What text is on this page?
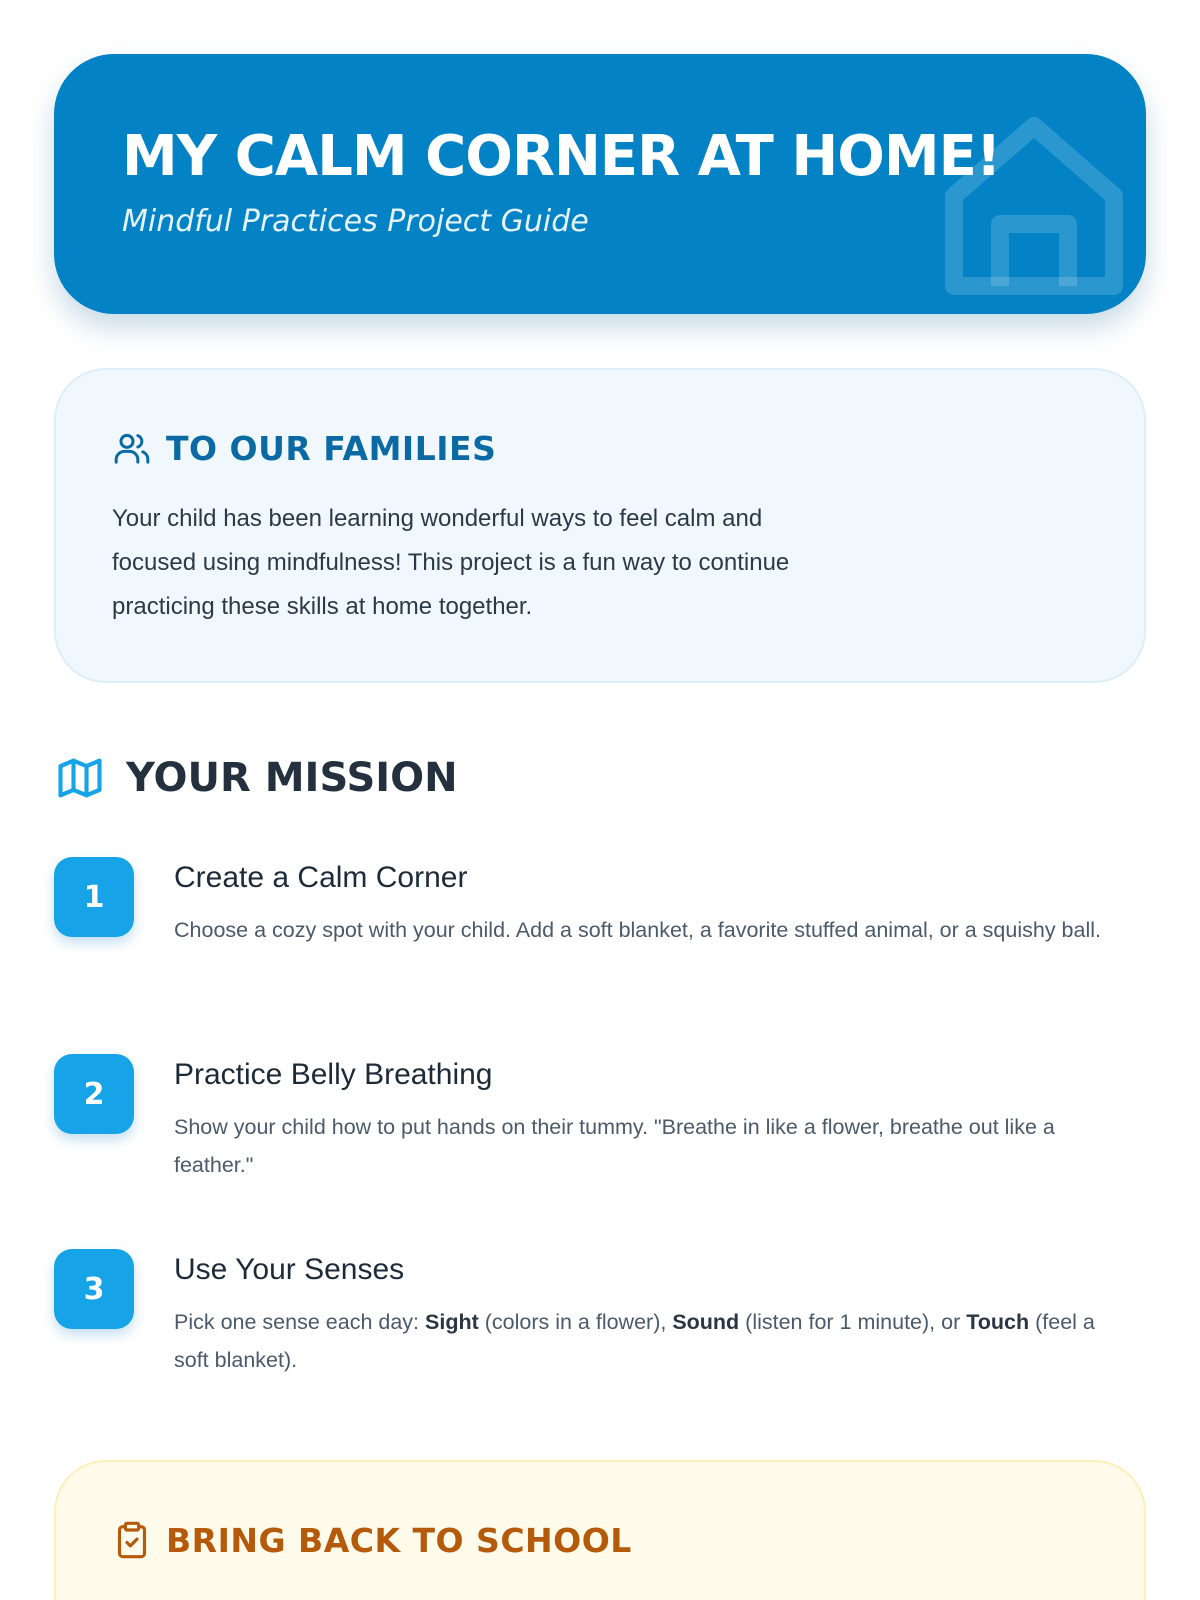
MY CALM CORNER AT HOME!
Mindful Practices Project Guide
TO OUR FAMILIES

Your child has been learning wonderful ways to feel calm and focused using mindfulness! This project is a fun way to continue practicing these skills at home together.

YOUR MISSION
1
Create a Calm Corner

Choose a cozy spot with your child. Add a soft blanket, a favorite stuffed animal, or a squishy ball.

2
Practice Belly Breathing

Show your child how to put hands on their tummy. "Breathe in like a flower, breathe out like a feather."

3
Use Your Senses

Pick one sense each day: Sight (colors in a flower), Sound (listen for 1 minute), or Touch (feel a soft blanket).

BRING BACK TO SCHOOL
